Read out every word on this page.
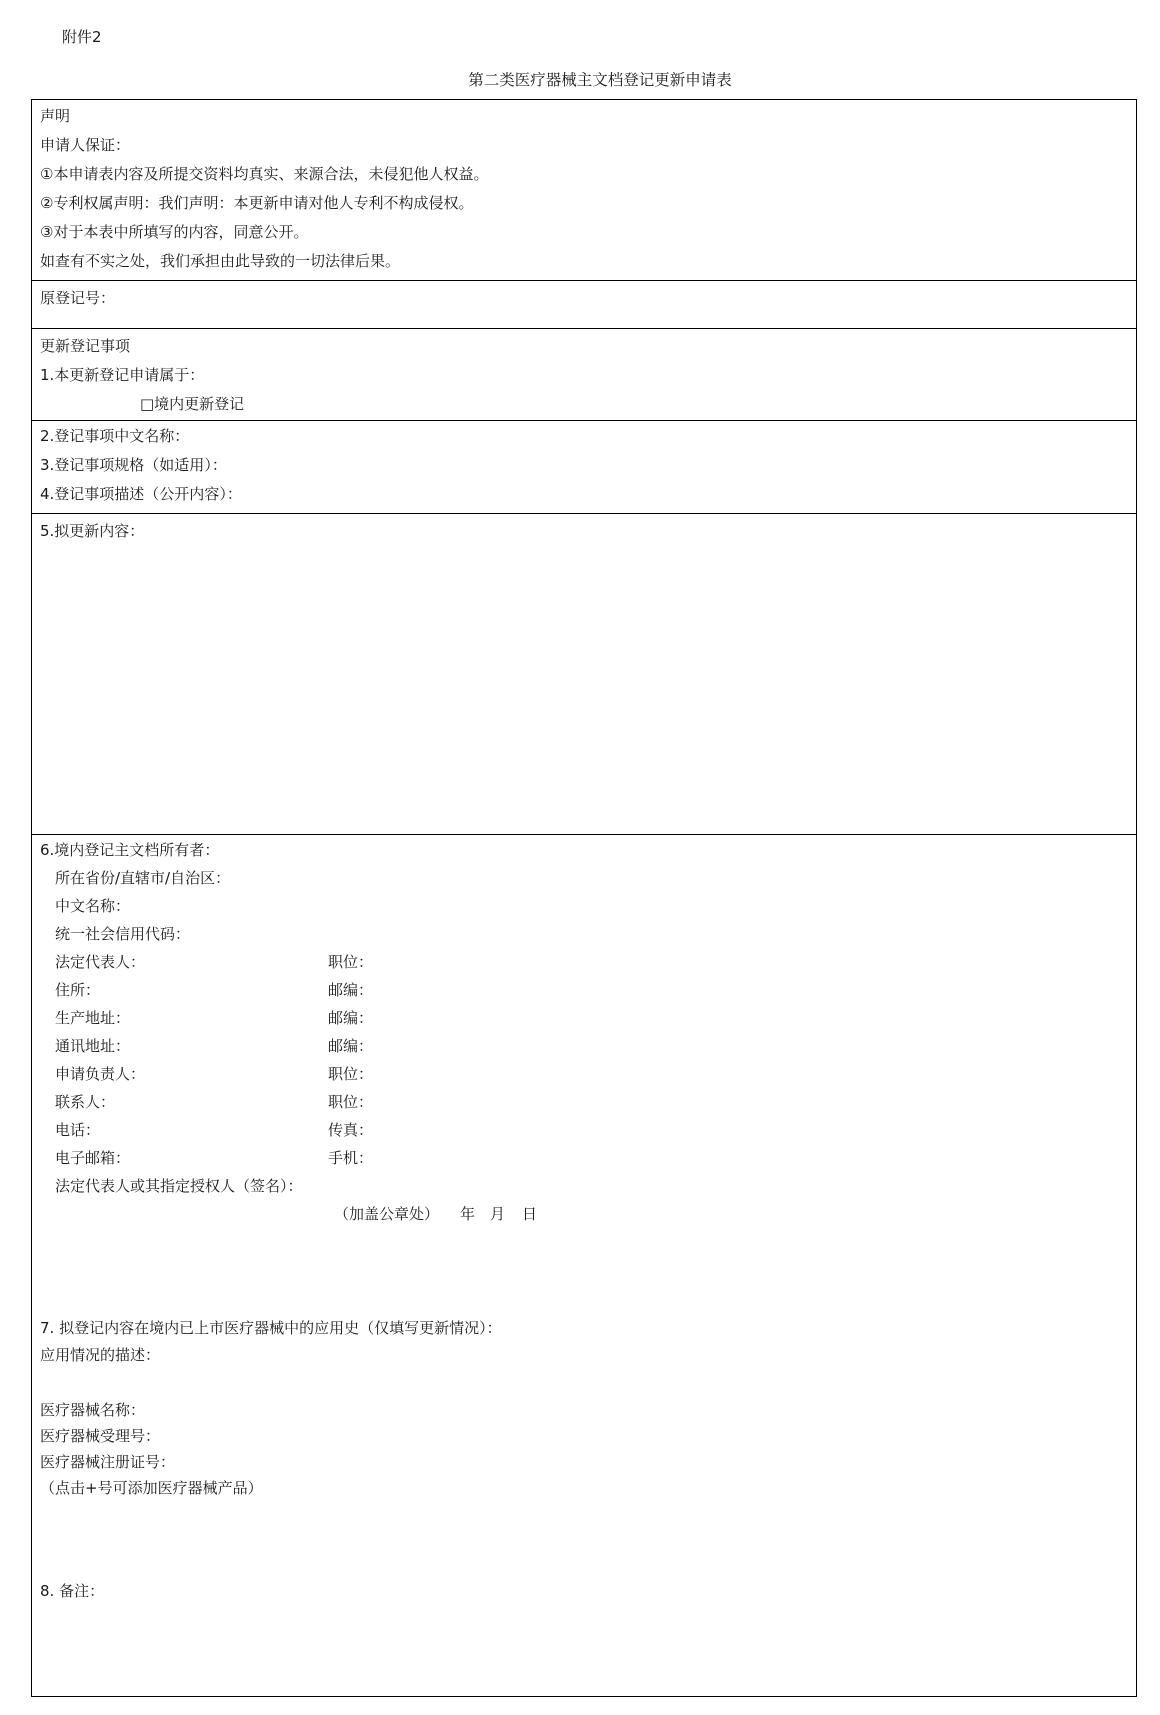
附件2
第二类医疗器械主文档登记更新申请表
声明
申请人保证：
①本申请表内容及所提交资料均真实、来源合法，未侵犯他人权益。
②专利权属声明：我们声明：本更新申请对他人专利不构成侵权。
③对于本表中所填写的内容，同意公开。
如查有不实之处，我们承担由此导致的一切法律后果。
原登记号：
更新登记事项
1.本更新登记申请属于：
□境内更新登记
2.登记事项中文名称：
3.登记事项规格（如适用）：
4.登记事项描述（公开内容）：
5.拟更新内容：
6.境内登记主文档所有者：
所在省份/直辖市/自治区：
中文名称：
统一社会信用代码：
法定代表人：	职位：
住所：	邮编：
生产地址：	邮编：
通讯地址：	邮编：
申请负责人：	职位：
联系人：	职位：
电话：	传真：
电子邮箱：	手机：
法定代表人或其指定授权人（签名）：
（加盖公章处） 年 月 日
7. 拟登记内容在境内已上市医疗器械中的应用史（仅填写更新情况）：
应用情况的描述：
医疗器械名称：
医疗器械受理号：
医疗器械注册证号：
（点击+号可添加医疗器械产品）
8. 备注：
